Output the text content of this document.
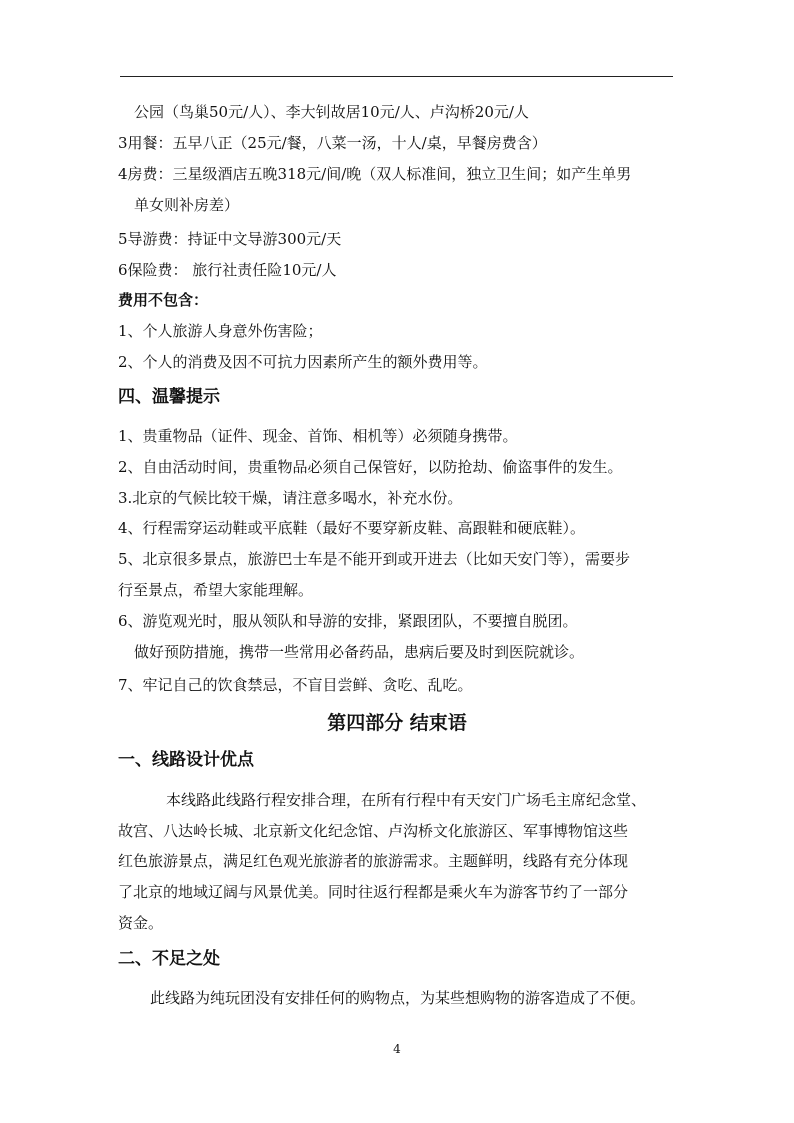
公园（鸟巢50元/人）、李大钊故居10元/人、卢沟桥20元/人
3用餐：五早八正（25元/餐，八菜一汤，十人/桌，早餐房费含）
4房费：三星级酒店五晚318元/间/晚（双人标准间，独立卫生间；如产生单男
单女则补房差）
5导游费：持证中文导游300元/天
6保险费： 旅行社责任险10元/人
费用不包含：
1、个人旅游人身意外伤害险；
2、个人的消费及因不可抗力因素所产生的额外费用等。
四、温馨提示
1、贵重物品（证件、现金、首饰、相机等）必须随身携带。
2、自由活动时间，贵重物品必须自己保管好，以防抢劫、偷盗事件的发生。
3.北京的气候比较干燥，请注意多喝水，补充水份。
4、行程需穿运动鞋或平底鞋（最好不要穿新皮鞋、高跟鞋和硬底鞋）。
5、北京很多景点，旅游巴士车是不能开到或开进去（比如天安门等），需要步
行至景点，希望大家能理解。
6、游览观光时，服从领队和导游的安排，紧跟团队，不要擅自脱团。
做好预防措施，携带一些常用必备药品，患病后要及时到医院就诊。
7、牢记自己的饮食禁忌，不盲目尝鲜、贪吃、乱吃。
第四部分 结束语
一、线路设计优点
本线路此线路行程安排合理，在所有行程中有天安门广场毛主席纪念堂、
故宫、八达岭长城、北京新文化纪念馆、卢沟桥文化旅游区、军事博物馆这些
红色旅游景点，满足红色观光旅游者的旅游需求。主题鲜明，线路有充分体现
了北京的地域辽阔与风景优美。同时往返行程都是乘火车为游客节约了一部分
资金。
二、不足之处
此线路为纯玩团没有安排任何的购物点，为某些想购物的游客造成了不便。
4
